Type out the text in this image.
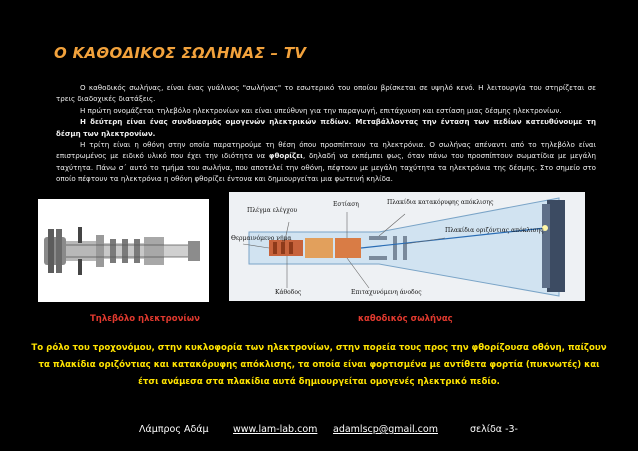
Ο ΚΑΘΟΔΙΚΟΣ ΣΩΛΗΝΑΣ – TV

Ο καθοδικός σωλήνας, είναι ένας γυάλινος "σωλήνας" το εσωτερικό του οποίου βρίσκεται σε υψηλό κενό. Η λειτουργία του στηρίζεται σε τρεις διαδοχικές διατάξεις.

Η πρώτη ονομάζεται τηλεβόλο ηλεκτρονίων και είναι υπεύθυνη για την παραγωγή, επιτάχυνση και εστίαση μιας δέσμης ηλεκτρονίων.

Η δεύτερη είναι ένας συνδυασμός ομογενών ηλεκτρικών πεδίων. Μεταβάλλοντας την ένταση των πεδίων κατευθύνουμε τη δέσμη των ηλεκτρονίων.

Η τρίτη είναι η οθόνη στην οποία παρατηρούμε τη θέση όπου προσπίπτουν τα ηλεκτρόνια. Ο σωλήνας απέναντι από το τηλεβόλο είναι επιστρωμένος με ειδικό υλικό που έχει την ιδιότητα να φθορίζει, δηλαδή να εκπέμπει φως, όταν πάνω του προσπίπτουν σωματίδια με μεγάλη ταχύτητα. Πάνω σ΄ αυτό το τμήμα του σωλήνα, που αποτελεί την οθόνη, πέφτουν με μεγάλη ταχύτητα τα ηλεκτρόνια της δέσμης. Στο σημείο στο οποίο πέφτουν τα ηλεκτρόνια η οθόνη φθορίζει έντονα και δημιουργείται μια φωτεινή κηλίδα.

Πλέγμα ελέγχου
Εστίαση	Πλακίδια κατακόρυφης απόκλισης
Πλακίδια οριζόντιας απόκλισης
Θερμαινόμενο νήμα
Κάθοδος	Επιταχυνόμενη άνοδος
Τηλεβόλο ηλεκτρονίων	καθοδικός σωλήνας
Το ρόλο του τροχονόμου, στην κυκλοφορία των ηλεκτρονίων, στην πορεία τους προς την φθορίζουσα οθόνη, παίζουν τα πλακίδια οριζόντιας και κατακόρυφης απόκλισης, τα οποία είναι φορτισμένα με αντίθετα φορτία (πυκνωτές) και έτσι ανάμεσα στα πλακίδια αυτά δημιουργείται ομογενές ηλεκτρικό πεδίο.
Λάμπρος Αδάμ	www.lam-lab.com adamlscp@gmail.com	σελίδα -3-
